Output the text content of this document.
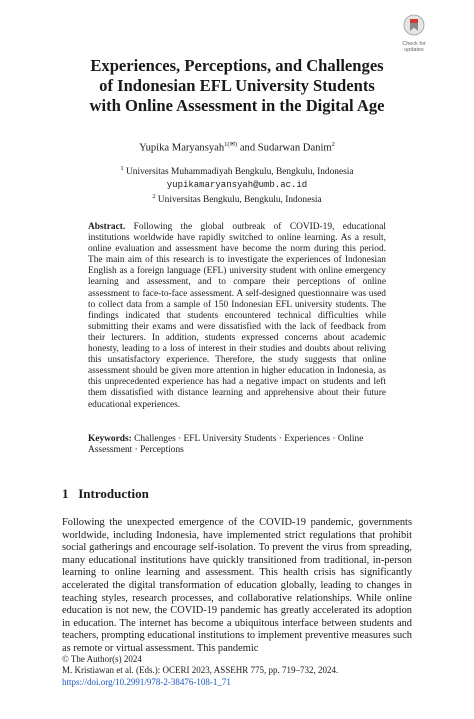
Check for
updates
Experiences, Perceptions, and Challenges
of Indonesian EFL University Students
with Online Assessment in the Digital Age
Yupika Maryansyah$^{1(✉)}$ and Sudarwan Danim$^2$
$^1$ Universitas Muhammadiyah Bengkulu, Bengkulu, Indonesia
yupikamaryansyah@umb.ac.id
$^2$ Universitas Bengkulu, Bengkulu, Indonesia
Abstract. Following the global outbreak of COVID-19, educational institutions worldwide have rapidly switched to online learning. As a result, online evaluation and assessment have become the norm during this period. The main aim of this research is to investigate the experiences of Indonesian English as a foreign language (EFL) university student with online emergency learning and assessment, and to compare their perceptions of online assessment to face-to-face assessment. A self-designed questionnaire was used to collect data from a sample of 150 Indonesian EFL university students. The findings indicated that students encountered technical difficulties while submitting their exams and were dissatisfied with the lack of feedback from their lecturers. In addition, students expressed concerns about academic honesty, leading to a loss of interest in their studies and doubts about reliving this unsatisfactory experience. Therefore, the study suggests that online assessment should be given more attention in higher education in Indonesia, as this unprecedented experience has had a negative impact on students and left them dissatisfied with distance learning and apprehensive about their future educational experiences.
Keywords: Challenges · EFL University Students · Experiences · Online Assessment · Perceptions
1 Introduction
Following the unexpected emergence of the COVID-19 pandemic, governments worldwide, including Indonesia, have implemented strict regulations that prohibit social gatherings and encourage self-isolation. To prevent the virus from spreading, many educational institutions have quickly transitioned from traditional, in-person learning to online learning and assessment. This health crisis has significantly accelerated the digital transformation of education globally, leading to changes in teaching styles, research processes, and collaborative relationships. While online education is not new, the COVID-19 pandemic has greatly accelerated its adoption in education. The internet has become a ubiquitous interface between students and teachers, prompting educational institutions to implement preventive measures such as remote or virtual assessment. This pandemic
© The Author(s) 2024
M. Kristiawan et al. (Eds.): OCERI 2023, ASSEHR 775, pp. 719–732, 2024.
https://doi.org/10.2991/978-2-38476-108-1_71
